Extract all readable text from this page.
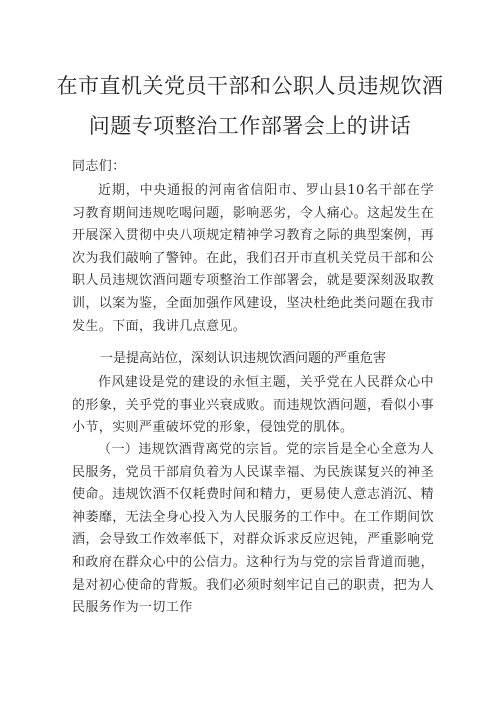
在市直机关党员干部和公职人员违规饮酒
问题专项整治工作部署会上的讲话
同志们：
近期，中央通报的河南省信阳市、罗山县10名干部在学习教育期间违规吃喝问题，影响恶劣，令人痛心。这起发生在开展深入贯彻中央八项规定精神学习教育之际的典型案例，再次为我们敲响了警钟。在此，我们召开市直机关党员干部和公职人员违规饮酒问题专项整治工作部署会，就是要深刻汲取教训，以案为鉴，全面加强作风建设，坚决杜绝此类问题在我市发生。下面，我讲几点意见。
一是提高站位，深刻认识违规饮酒问题的严重危害
作风建设是党的建设的永恒主题，关乎党在人民群众心中的形象，关乎党的事业兴衰成败。而违规饮酒问题，看似小事小节，实则严重破坏党的形象，侵蚀党的肌体。
（一）违规饮酒背离党的宗旨。党的宗旨是全心全意为人民服务，党员干部肩负着为人民谋幸福、为民族谋复兴的神圣使命。违规饮酒不仅耗费时间和精力，更易使人意志消沉、精神萎靡，无法全身心投入为人民服务的工作中。在工作期间饮酒，会导致工作效率低下，对群众诉求反应迟钝，严重影响党和政府在群众心中的公信力。这种行为与党的宗旨背道而驰，是对初心使命的背叛。我们必须时刻牢记自己的职责，把为人民服务作为一切工作
